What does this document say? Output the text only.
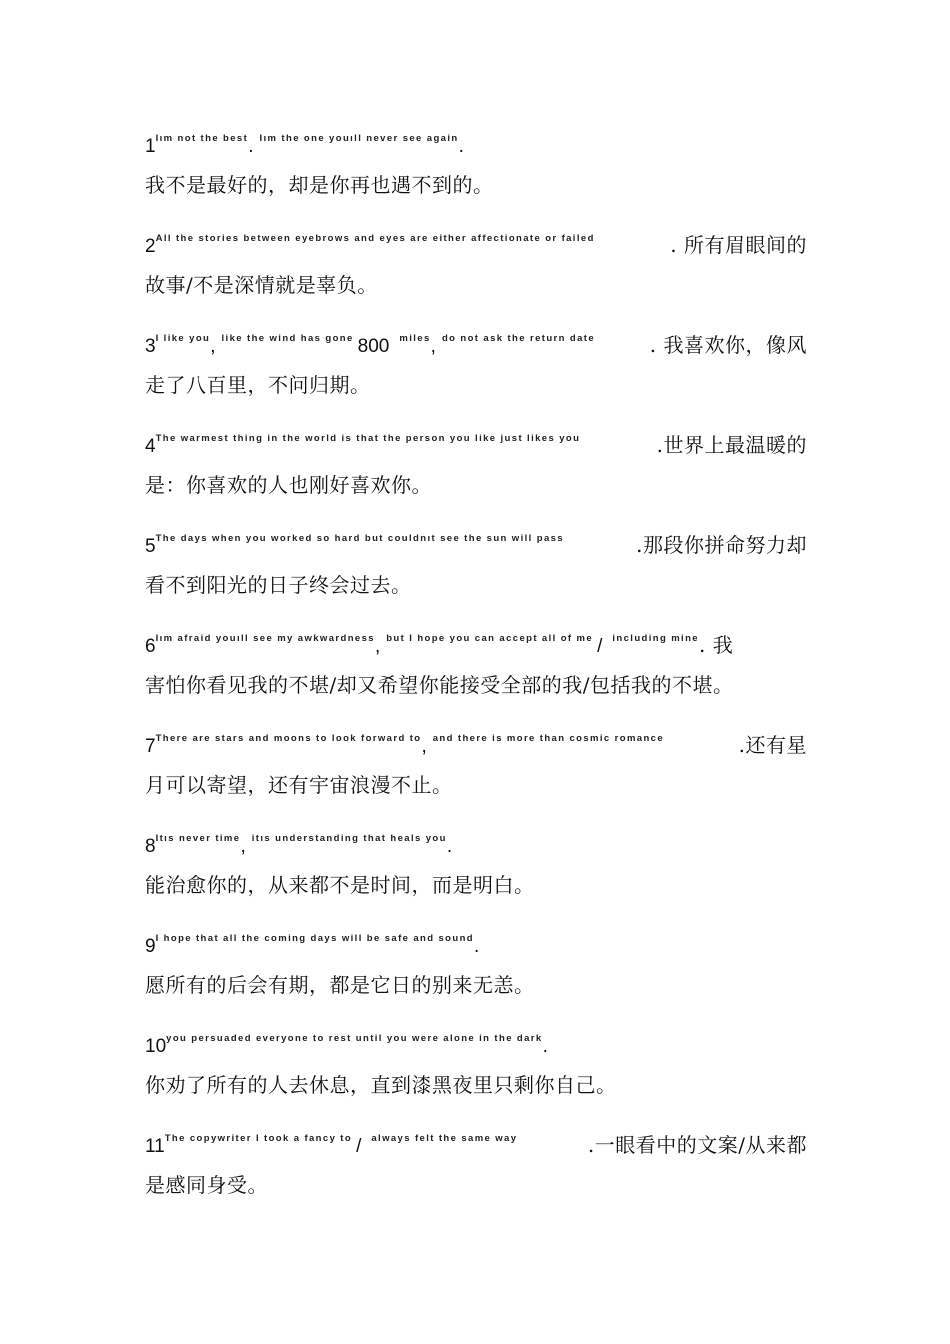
$1^{Iım not the best}$. $^{Iım the one youıll never see again}$.
我不是最好的，却是你再也遇不到的。
$2^{All the stories between eyebrows and eyes are either affectionate or failed}$	. 所有眉眼间的
故事/不是深情就是辜负。
$3^{I like you}$, $^{like the wind has gone}$ 800 $^{miles}$, $^{do not ask the return date}$	. 我喜欢你，像风
走了八百里，不问归期。
$4^{The warmest thing in the world is that the person you like just likes you}$	.世界上最温暖的
是：你喜欢的人也刚好喜欢你。
$5^{The days when you worked so hard but couldnıt see the sun will pass}$	.那段你拼命努力却
看不到阳光的日子终会过去。
$6^{Iım afraid youıll see my awkwardness}$, $^{but I hope you can accept all of me}$ / $^{including mine}$. 我
害怕你看见我的不堪/却又希望你能接受全部的我/包括我的不堪。
$7^{There are stars and moons to look forward to}$, $^{and there is more than cosmic romance}$	.还有星
月可以寄望，还有宇宙浪漫不止。
$8^{Itıs never time}$, $^{itıs understanding that heals you}$.
能治愈你的，从来都不是时间，而是明白。
$9^{I hope that all the coming days will be safe and sound}$.
愿所有的后会有期，都是它日的别来无恙。
$10^{you persuaded everyone to rest until you were alone in the dark}$.
你劝了所有的人去休息，直到漆黑夜里只剩你自己。
$11^{The copywriter I took a fancy to} / ^{always felt the same way}$	.一眼看中的文案/从来都
是感同身受。
